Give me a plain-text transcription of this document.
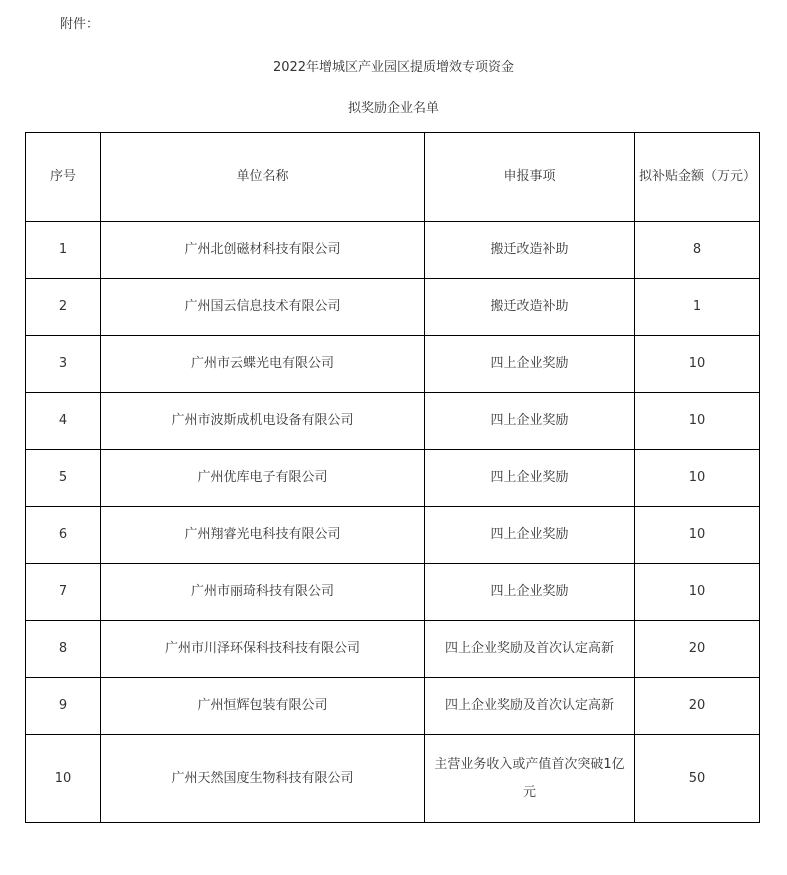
附件：
2022年增城区产业园区提质增效专项资金
拟奖励企业名单
序号	单位名称	申报事项	拟补贴金额（万元）
1	广州北创磁材科技有限公司	搬迁改造补助	8
2	广州国云信息技术有限公司	搬迁改造补助	1
3	广州市云蝶光电有限公司	四上企业奖励	10
4	广州市波斯成机电设备有限公司	四上企业奖励	10
5	广州优库电子有限公司	四上企业奖励	10
6	广州翔睿光电科技有限公司	四上企业奖励	10
7	广州市丽琦科技有限公司	四上企业奖励	10
8	广州市川泽环保科技科技有限公司	四上企业奖励及首次认定高新	20
9	广州恒辉包装有限公司	四上企业奖励及首次认定高新	20
10	广州天然国度生物科技有限公司	主营业务收入或产值首次突破1亿元	50
